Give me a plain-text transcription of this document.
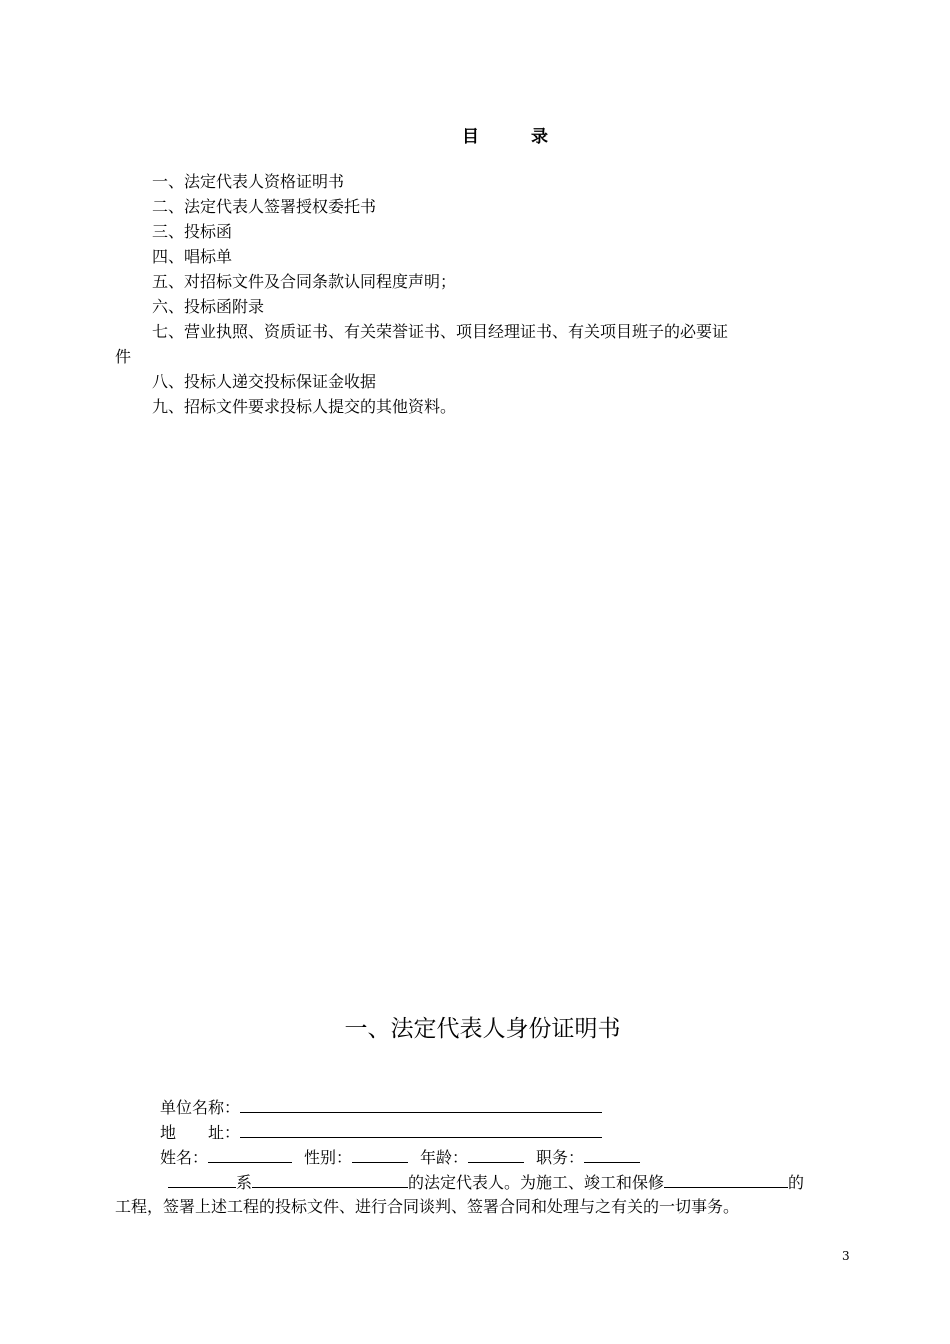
目	录
一、法定代表人资格证明书
二、法定代表人签署授权委托书
三、投标函
四、唱标单
五、对招标文件及合同条款认同程度声明；
六、投标函附录
七、营业执照、资质证书、有关荣誉证书、项目经理证书、有关项目班子的必要证
件
八、投标人递交投标保证金收据
九、招标文件要求投标人提交的其他资料。
一、法定代表人身份证明书
单位名称：
地　　址：
姓名：	性别：	年龄：	职务：
系	的法定代表人。为施工、竣工和保修	的
工程，签署上述工程的投标文件、进行合同谈判、签署合同和处理与之有关的一切事务。
3
